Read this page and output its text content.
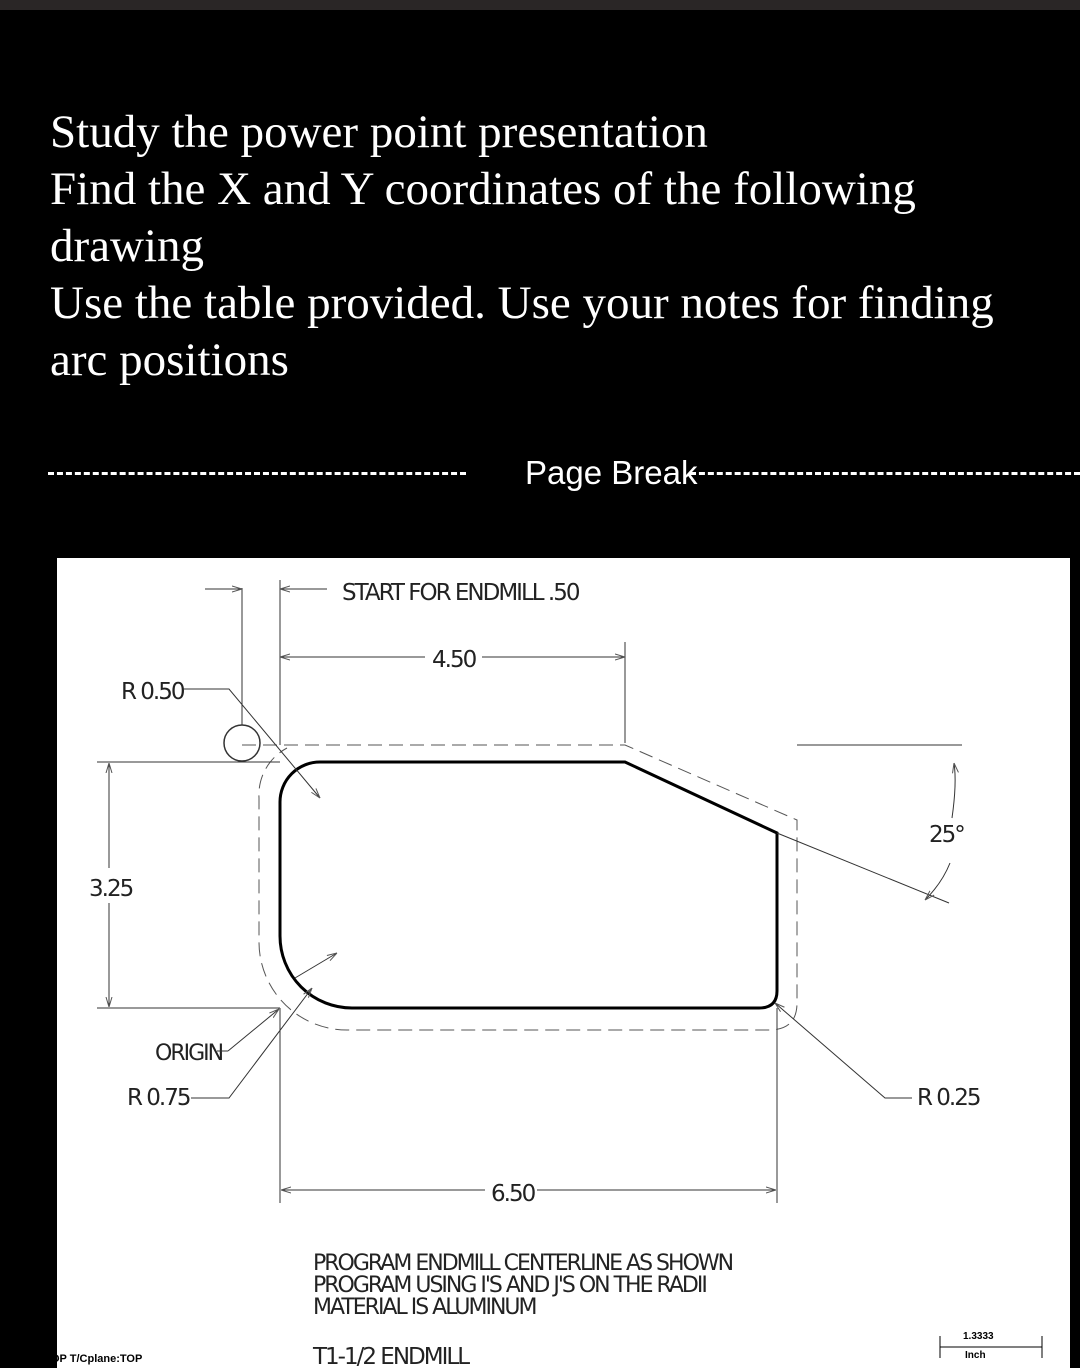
Study the power point presentation
Find the X and Y coordinates of the following
drawing
Use the table provided. Use your notes for finding
arc positions
Page Break
START FOR ENDMILL .50
4.50
R 0.50
3.25
25°
ORIGIN
R 0.75	R 0.25
6.50
PROGRAM ENDMILL CENTERLINE AS SHOWN
PROGRAM USING I'S AND J'S ON THE RADII
MATERIAL IS ALUMINUM
T1-1/2 ENDMILL
OP T/Cplane:TOP
1.3333
Inch
